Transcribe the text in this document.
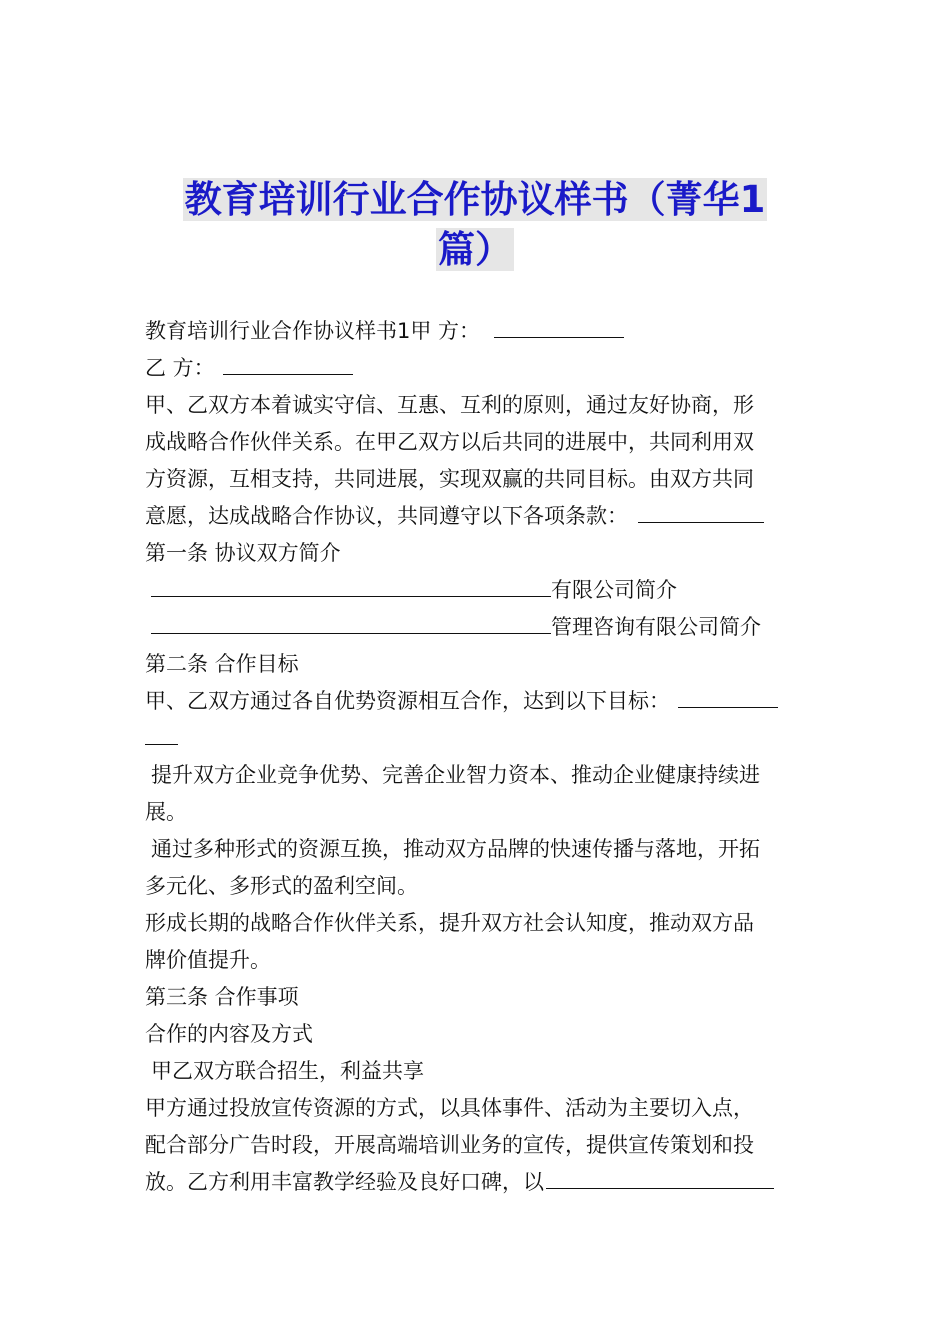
教育培训行业合作协议样书（菁华1
篇）
教育培训行业合作协议样书1甲 方：
乙 方：
甲、乙双方本着诚实守信、互惠、互利的原则，通过友好协商，形
成战略合作伙伴关系。在甲乙双方以后共同的进展中，共同利用双
方资源，互相支持，共同进展，实现双赢的共同目标。由双方共同
意愿，达成战略合作协议，共同遵守以下各项条款：
第一条 协议双方简介
有限公司简介
管理咨询有限公司简介
第二条 合作目标
甲、乙双方通过各自优势资源相互合作，达到以下目标：
提升双方企业竞争优势、完善企业智力资本、推动企业健康持续进
展。
通过多种形式的资源互换，推动双方品牌的快速传播与落地，开拓
多元化、多形式的盈利空间。
形成长期的战略合作伙伴关系，提升双方社会认知度，推动双方品
牌价值提升。
第三条 合作事项
合作的内容及方式
甲乙双方联合招生，利益共享
甲方通过投放宣传资源的方式，以具体事件、活动为主要切入点，
配合部分广告时段，开展高端培训业务的宣传，提供宣传策划和投
放。乙方利用丰富教学经验及良好口碑，以
